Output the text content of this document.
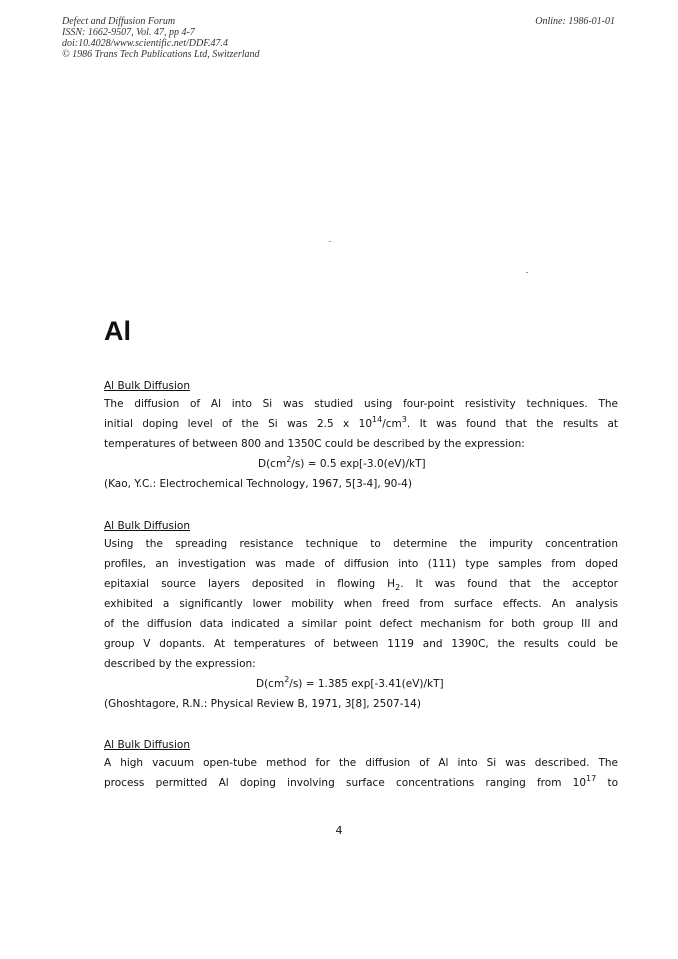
Defect and Diffusion Forum
ISSN: 1662-9507, Vol. 47, pp 4-7
doi:10.4028/www.scientific.net/DDF.47.4
© 1986 Trans Tech Publications Ltd, Switzerland
Online: 1986-01-01
Al
Al Bulk Diffusion
The diffusion of Al into Si was studied using four-point resistivity techniques. The
initial doping level of the Si was 2.5 x $10^{14}/cm^3$. It was found that the results at
temperatures of between 800 and 1350C could be described by the expression:
$D(cm^2/s) = 0.5$ exp[-3.0(eV)/kT]
(Kao, Y.C.: Electrochemical Technology, 1967, 5[3-4], 90-4)
Al Bulk Diffusion
Using the spreading resistance technique to determine the impurity concentration
profiles, an investigation was made of diffusion into (111) type samples from doped
epitaxial source layers deposited in flowing $H_2$. It was found that the acceptor
exhibited a significantly lower mobility when freed from surface effects. An analysis
of the diffusion data indicated a similar point defect mechanism for both group III and
group V dopants. At temperatures of between 1119 and 1390C, the results could be
described by the expression:
$D(cm^2/s) = 1.385$ exp[-3.41(eV)/kT]
(Ghoshtagore, R.N.: Physical Review B, 1971, 3[8], 2507-14)
Al Bulk Diffusion
A high vacuum open-tube method for the diffusion of Al into Si was described. The
process permitted Al doping involving surface concentrations ranging from $10^{17}$ to
4
